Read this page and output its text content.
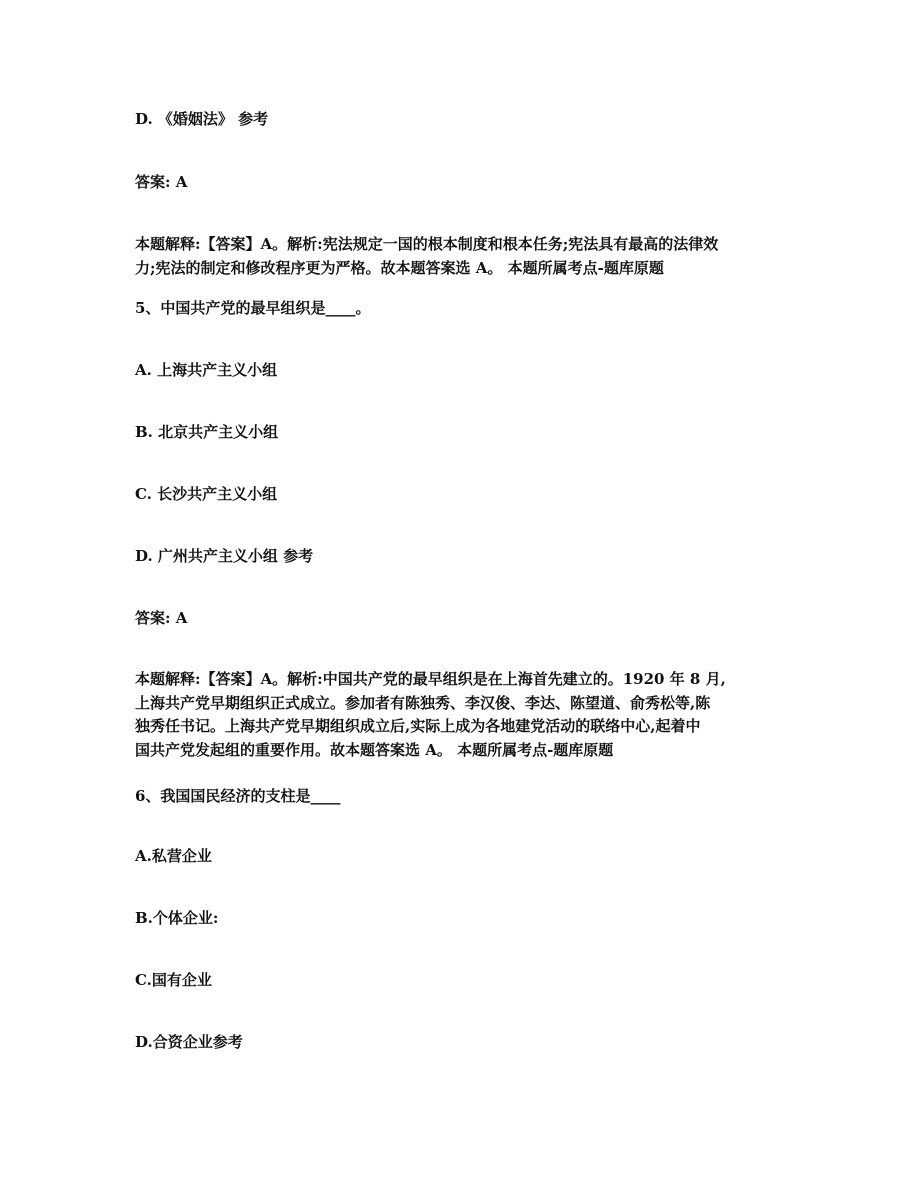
D. 《婚姻法》 参考
答案: A
本题解释:【答案】A。解析:宪法规定一国的根本制度和根本任务;宪法具有最高的法律效
力;宪法的制定和修改程序更为严格。故本题答案选 A。 本题所属考点-题库原题
5、中国共产党的最早组织是____。
A. 上海共产主义小组
B. 北京共产主义小组
C. 长沙共产主义小组
D. 广州共产主义小组 参考
答案: A
本题解释:【答案】A。解析:中国共产党的最早组织是在上海首先建立的。1920 年 8 月,
上海共产党早期组织正式成立。参加者有陈独秀、李汉俊、李达、陈望道、俞秀松等,陈
独秀任书记。上海共产党早期组织成立后,实际上成为各地建党活动的联络中心,起着中
国共产党发起组的重要作用。故本题答案选 A。 本题所属考点-题库原题
6、我国国民经济的支柱是____
A.私营企业
B.个体企业:
C.国有企业
D.合资企业参考
